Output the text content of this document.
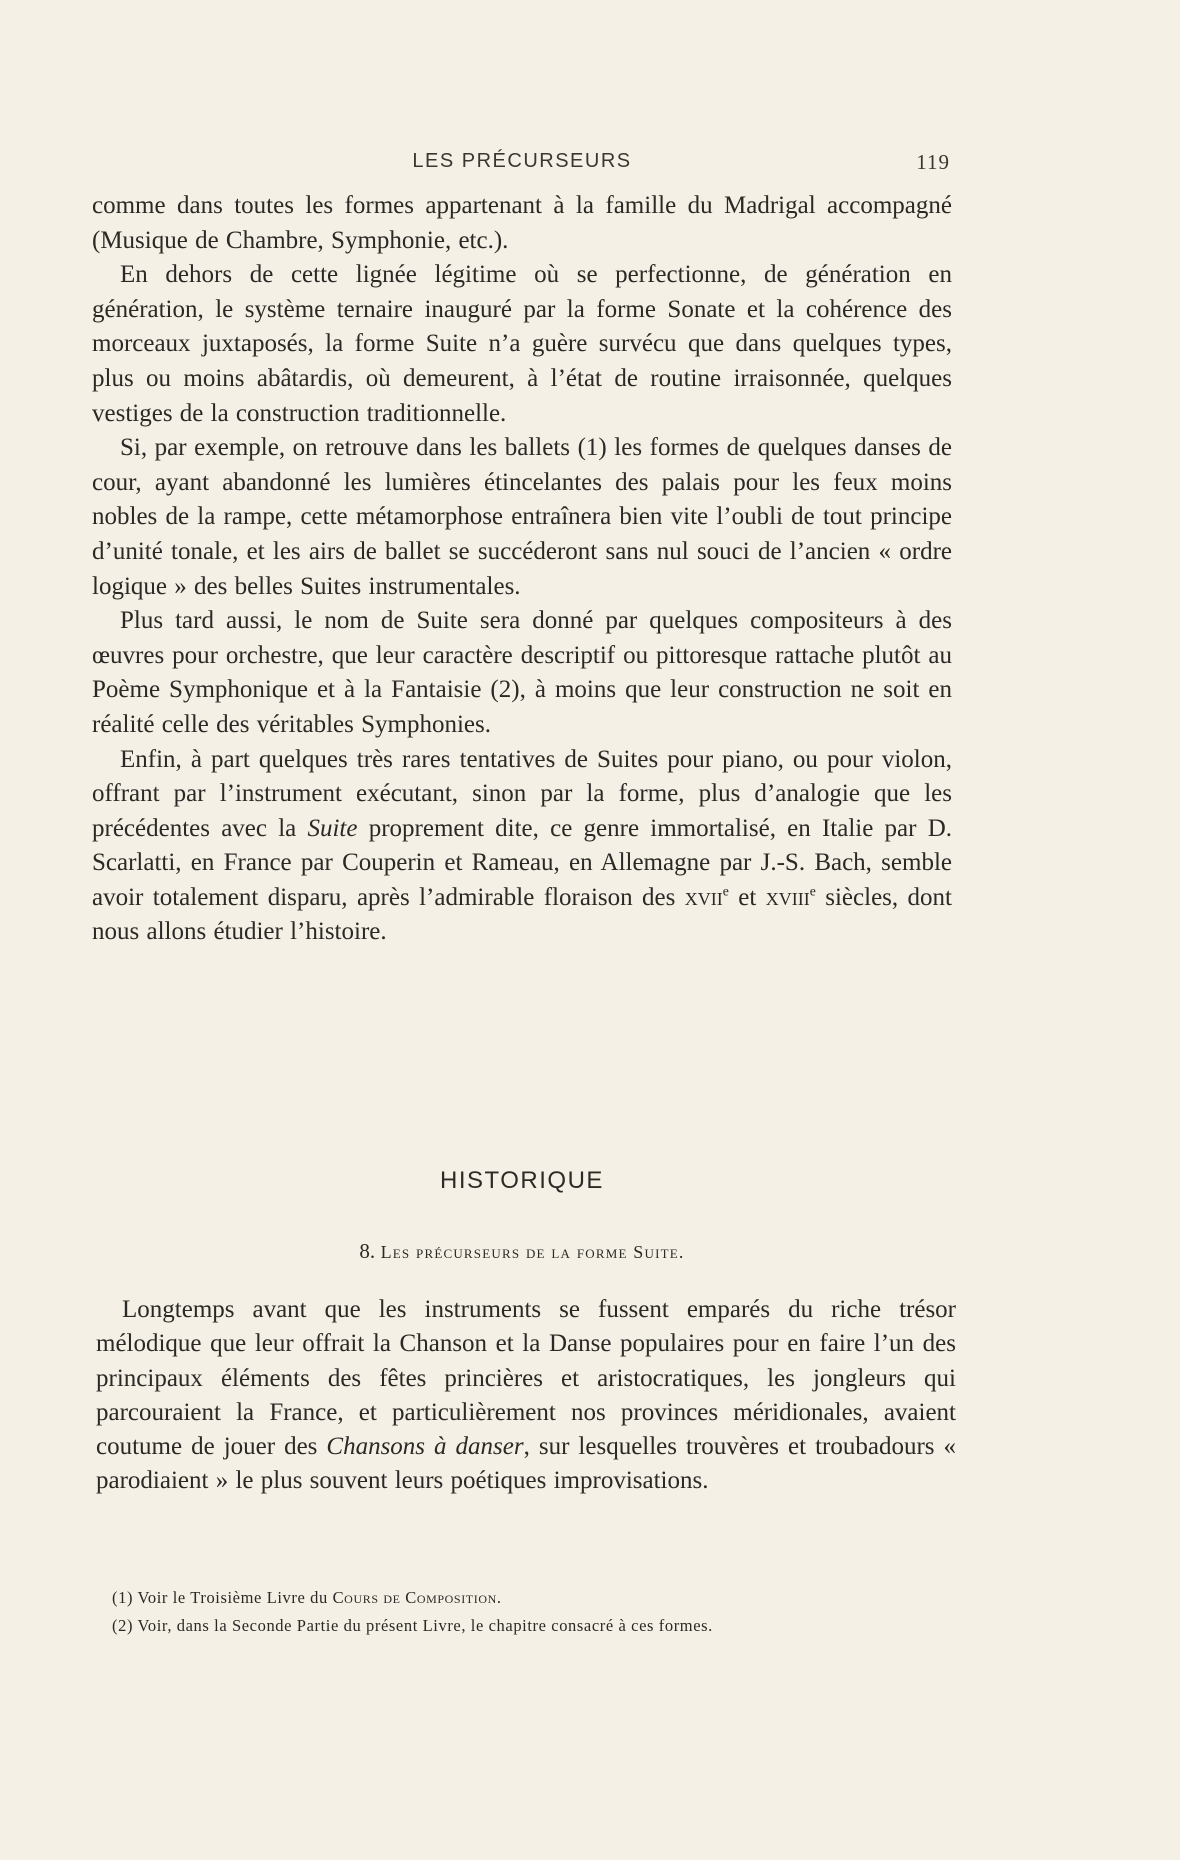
LES PRÉCURSEURS	119

comme dans toutes les formes appartenant à la famille du Madrigal accompagné (Musique de Chambre, Symphonie, etc.).

En dehors de cette lignée légitime où se perfectionne, de génération en génération, le système ternaire inauguré par la forme Sonate et la cohérence des morceaux juxtaposés, la forme Suite n’a guère survécu que dans quelques types, plus ou moins abâtardis, où demeurent, à l’état de routine irraisonnée, quelques vestiges de la construction traditionnelle.

Si, par exemple, on retrouve dans les ballets (1) les formes de quelques danses de cour, ayant abandonné les lumières étincelantes des palais pour les feux moins nobles de la rampe, cette métamorphose entraînera bien vite l’oubli de tout principe d’unité tonale, et les airs de ballet se succéderont sans nul souci de l’ancien « ordre logique » des belles Suites instrumentales.

Plus tard aussi, le nom de Suite sera donné par quelques compositeurs à des œuvres pour orchestre, que leur caractère descriptif ou pittoresque rattache plutôt au Poème Symphonique et à la Fantaisie (2), à moins que leur construction ne soit en réalité celle des véritables Symphonies.

Enfin, à part quelques très rares tentatives de Suites pour piano, ou pour violon, offrant par l’instrument exécutant, sinon par la forme, plus d’analogie que les précédentes avec la Suite proprement dite, ce genre immortalisé, en Italie par D. Scarlatti, en France par Couperin et Rameau, en Allemagne par J.-S. Bach, semble avoir totalement disparu, après l’admirable floraison des xvii$^e$ et xviii$^e$ siècles, dont nous allons étudier l’histoire.

HISTORIQUE
8. Les précurseurs de la forme Suite.

Longtemps avant que les instruments se fussent emparés du riche trésor mélodique que leur offrait la Chanson et la Danse populaires pour en faire l’un des principaux éléments des fêtes princières et aristocratiques, les jongleurs qui parcouraient la France, et particulièrement nos provinces méridionales, avaient coutume de jouer des Chansons à danser, sur lesquelles trouvères et troubadours « parodiaient » le plus souvent leurs poétiques improvisations.

(1) Voir le Troisième Livre du Cours de Composition.

(2) Voir, dans la Seconde Partie du présent Livre, le chapitre consacré à ces formes.
